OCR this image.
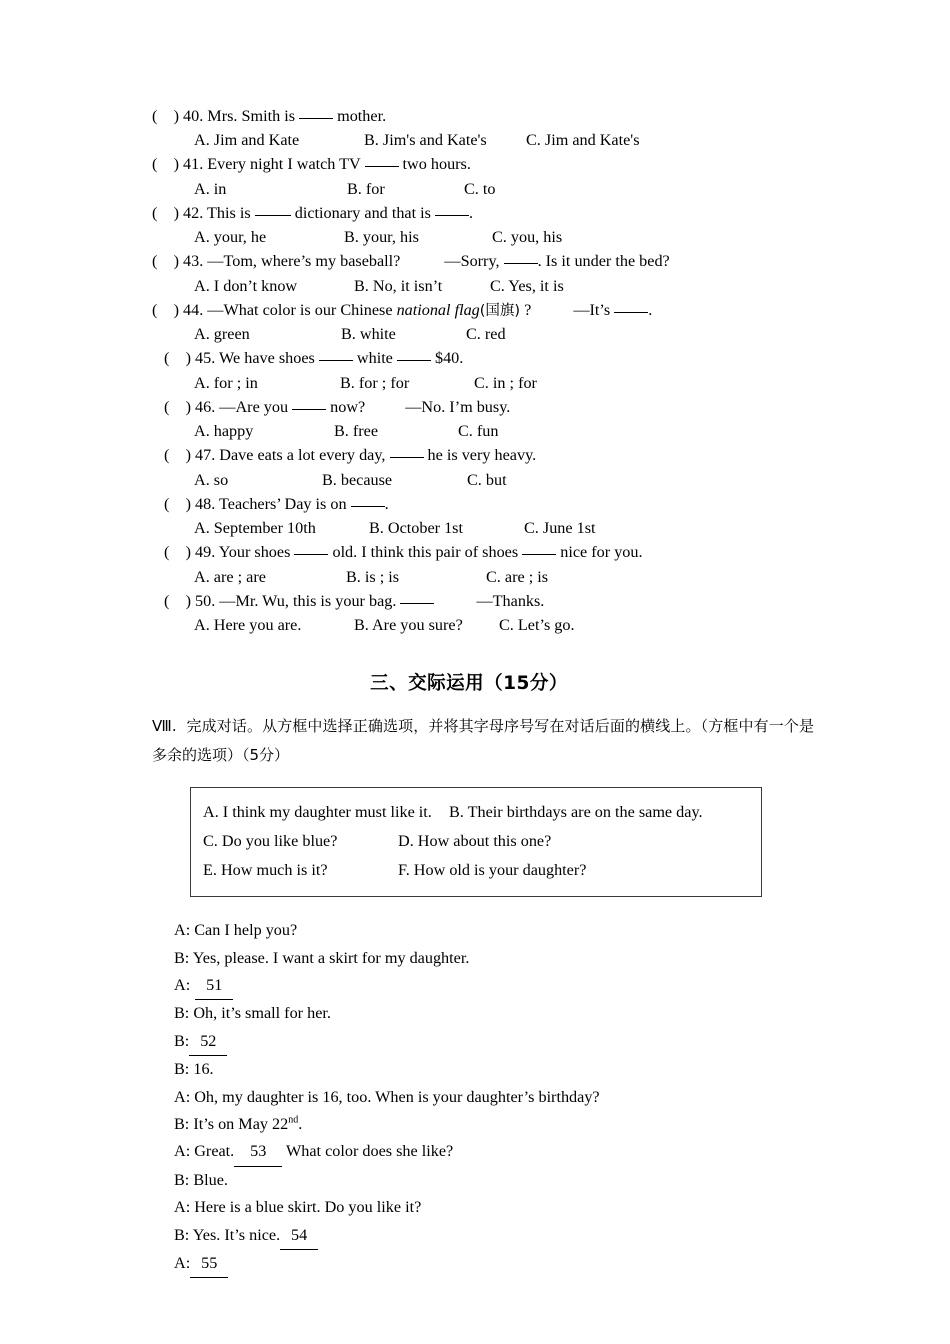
(　) 40. Mrs. Smith is  mother.
A. Jim and Kate	B. Jim's and Kate's C. Jim and Kate's
(　) 41. Every night I watch TV  two hours.
A. in	B. for	C. to
(　) 42. This is  dictionary and that is .
A. your, he	B. your, his	C. you, his
(　) 43. —Tom, where’s my baseball?	—Sorry, . Is it under the bed?
A. I don’t know	B. No, it isn’t	C. Yes, it is
(　) 44. —What color is our Chinese national flag(国旗) ?	—It’s .
A. green	B. white	C. red
(　) 45. We have shoes  white  $40.
A. for ; in	B. for ; for	C. in ; for
(　) 46. —Are you  now? —No. I’m busy.
A. happy	B. free	C. fun
(　) 47. Dave eats a lot every day,  he is very heavy.
A. so	B. because	C. but
(　) 48. Teachers’ Day is on .
A. September 10th	B. October 1st	C. June 1st
(　) 49. Your shoes  old. I think this pair of shoes  nice for you.
A. are ; are	B. is ; is	C. are ; is
(　) 50. —Mr. Wu, this is your bag.	—Thanks.
A. Here you are.	B. Are you sure? C. Let’s go.
三、交际运用（15分）
Ⅷ. 完成对话。从方框中选择正确选项，并将其字母序号写在对话后面的横线上。（方框中有一个是多余的选项）（5分）
A. I think my daughter must like it. B. Their birthdays are on the same day.
C. Do you like blue?	D. How about this one?
E. How much is it?	F. How old is your daughter?
A: Can I help you?
B: Yes, please. I want a skirt for my daughter.
A: 51
B: Oh, it’s small for her.
B: 52
B: 16.
A: Oh, my daughter is 16, too. When is your daughter’s birthday?
B: It’s on May 22nd.
A: Great. 53 What color does she like?
B: Blue.
A: Here is a blue skirt. Do you like it?
B: Yes. It’s nice. 54
A: 55
